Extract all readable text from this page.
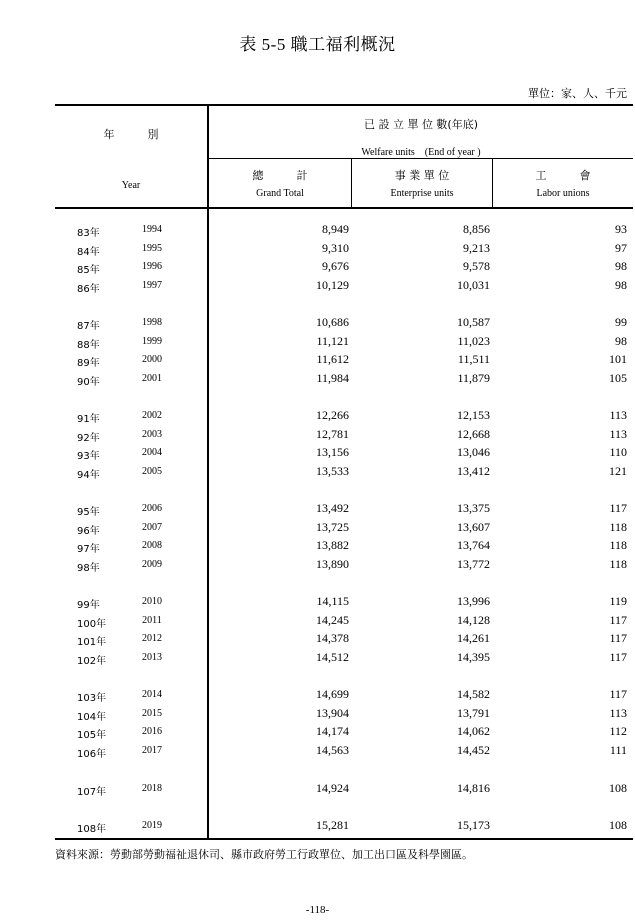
表 5-5 職工福利概況
單位：家、人、千元
年　　　別
Year
已 設 立 單 位 數(年底)
Welfare units　(End of year )
總　　　計
Grand Total
事 業 單 位
Enterprise units
工　　　會
Labor unions
83年	1994	8,949	8,856	93
84年	1995	9,310	9,213	97
85年	1996	9,676	9,578	98
86年	1997	10,129	10,031	98
87年	1998	10,686	10,587	99
88年	1999	11,121	11,023	98
89年	2000	11,612	11,511	101
90年	2001	11,984	11,879	105
91年	2002	12,266	12,153	113
92年	2003	12,781	12,668	113
93年	2004	13,156	13,046	110
94年	2005	13,533	13,412	121
95年	2006	13,492	13,375	117
96年	2007	13,725	13,607	118
97年	2008	13,882	13,764	118
98年	2009	13,890	13,772	118
99年	2010	14,115	13,996	119
100年	2011	14,245	14,128	117
101年	2012	14,378	14,261	117
102年	2013	14,512	14,395	117
103年	2014	14,699	14,582	117
104年	2015	13,904	13,791	113
105年	2016	14,174	14,062	112
106年	2017	14,563	14,452	111
107年	2018	14,924	14,816	108
108年	2019	15,281	15,173	108
資料來源：勞動部勞動福祉退休司、縣市政府勞工行政單位、加工出口區及科學園區。
-118-
